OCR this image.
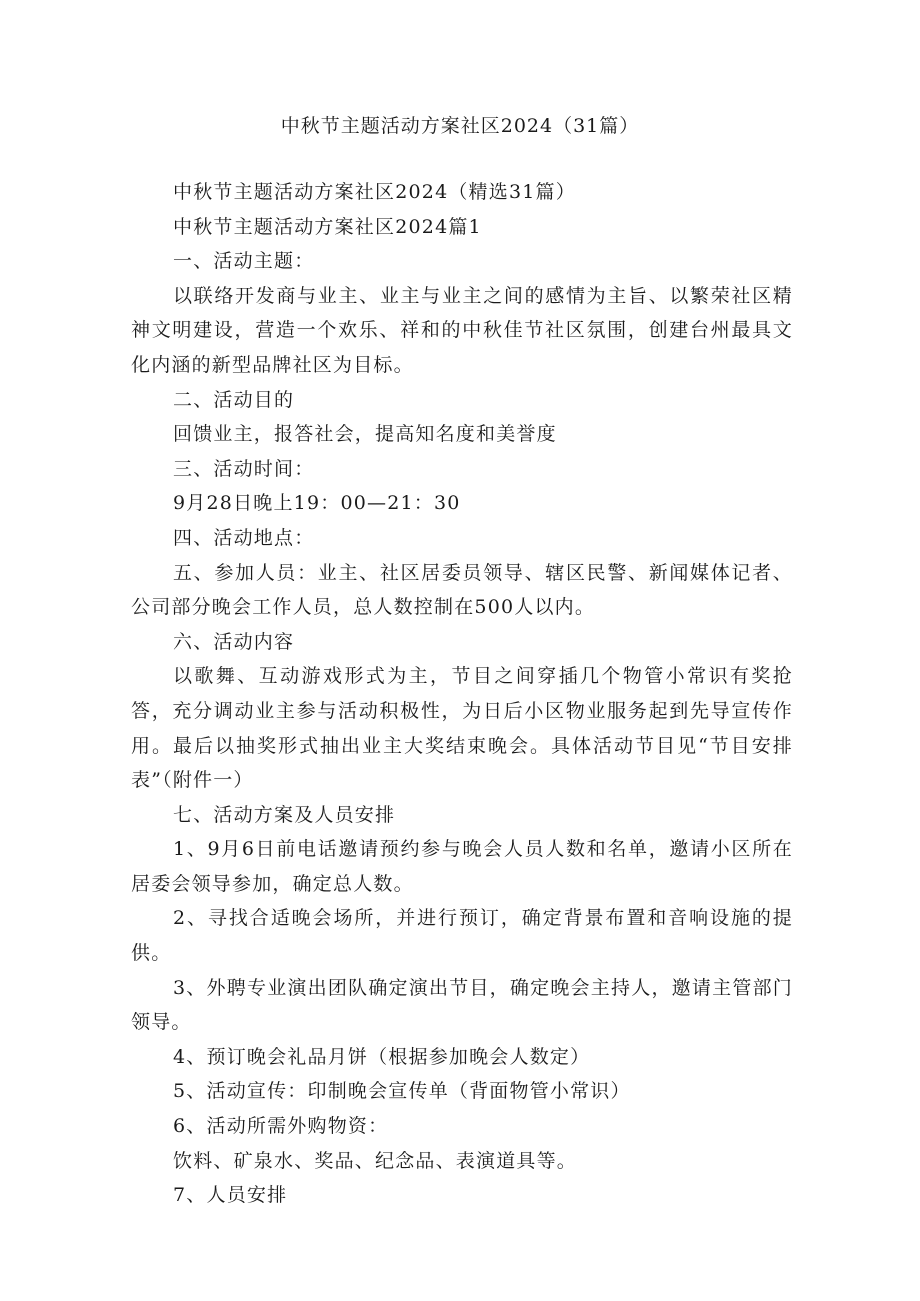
中秋节主题活动方案社区2024（31篇）

中秋节主题活动方案社区2024（精选31篇）

中秋节主题活动方案社区2024篇1

一、活动主题：

以联络开发商与业主、业主与业主之间的感情为主旨、以繁荣社区精神文明建设，营造一个欢乐、祥和的中秋佳节社区氛围，创建台州最具文化内涵的新型品牌社区为目标。

二、活动目的

回馈业主，报答社会，提高知名度和美誉度

三、活动时间：

9月28日晚上19：00—21：30

四、活动地点：

五、参加人员：业主、社区居委员领导、辖区民警、新闻媒体记者、公司部分晚会工作人员，总人数控制在500人以内。

六、活动内容

以歌舞、互动游戏形式为主，节目之间穿插几个物管小常识有奖抢答，充分调动业主参与活动积极性，为日后小区物业服务起到先导宣传作用。最后以抽奖形式抽出业主大奖结束晚会。具体活动节目见“节目安排表”（附件一）

七、活动方案及人员安排

1、9月6日前电话邀请预约参与晚会人员人数和名单，邀请小区所在居委会领导参加，确定总人数。

2、寻找合适晚会场所，并进行预订，确定背景布置和音响设施的提供。

3、外聘专业演出团队确定演出节目，确定晚会主持人，邀请主管部门领导。

4、预订晚会礼品月饼（根据参加晚会人数定）

5、活动宣传：印制晚会宣传单（背面物管小常识）

6、活动所需外购物资：

饮料、矿泉水、奖品、纪念品、表演道具等。

7、人员安排
